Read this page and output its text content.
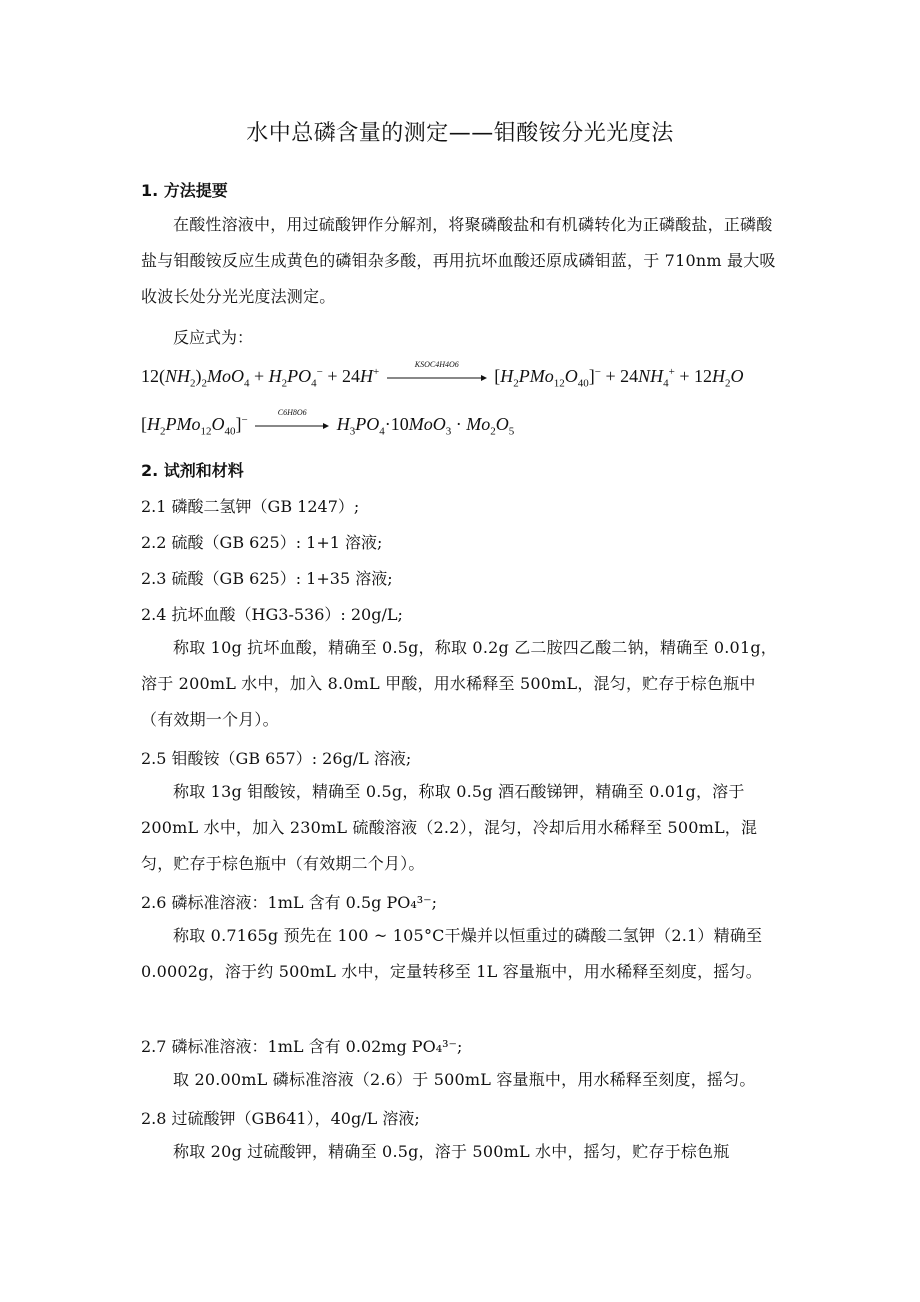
水中总磷含量的测定——钼酸铵分光光度法
1. 方法提要
在酸性溶液中，用过硫酸钾作分解剂，将聚磷酸盐和有机磷转化为正磷酸盐，正磷酸盐与钼酸铵反应生成黄色的磷钼杂多酸，再用抗坏血酸还原成磷钼蓝，于 710nm 最大吸收波长处分光光度法测定。
反应式为：
$12(NH_2)_2MoO_4 + H_2PO_4^- + 24H^+$
KSOC4H4O6
$[H_2PMo_{12}O_{40}]^- + 24NH_4^+ + 12H_2O$
$[H_2PMo_{12}O_{40}]^-$
C6H8O6
$H_3PO_4\cdot 10MoO_3 \cdot Mo_2O_5$
2. 试剂和材料
2.1 磷酸二氢钾（GB 1247）;
2.2 硫酸（GB 625）: 1+1 溶液;
2.3 硫酸（GB 625）: 1+35 溶液;
2.4 抗坏血酸（HG3-536）: 20g/L;
称取 10g 抗坏血酸，精确至 0.5g，称取 0.2g 乙二胺四乙酸二钠，精确至 0.01g，溶于 200mL 水中，加入 8.0mL 甲酸，用水稀释至 500mL，混匀，贮存于棕色瓶中（有效期一个月）。
2.5 钼酸铵（GB 657）: 26g/L 溶液;
称取 13g 钼酸铵，精确至 0.5g，称取 0.5g 酒石酸锑钾，精确至 0.01g，溶于 200mL 水中，加入 230mL 硫酸溶液（2.2），混匀，冷却后用水稀释至 500mL，混匀，贮存于棕色瓶中（有效期二个月）。
2.6 磷标准溶液：1mL 含有 0.5g PO₄³⁻;
称取 0.7165g 预先在 100 ~ 105°C干燥并以恒重过的磷酸二氢钾（2.1）精确至 0.0002g，溶于约 500mL 水中，定量转移至 1L 容量瓶中，用水稀释至刻度，摇匀。
2.7 磷标准溶液：1mL 含有 0.02mg PO₄³⁻;
取 20.00mL 磷标准溶液（2.6）于 500mL 容量瓶中，用水稀释至刻度，摇匀。
2.8 过硫酸钾（GB641），40g/L 溶液;
称取 20g 过硫酸钾，精确至 0.5g，溶于 500mL 水中，摇匀，贮存于棕色瓶
